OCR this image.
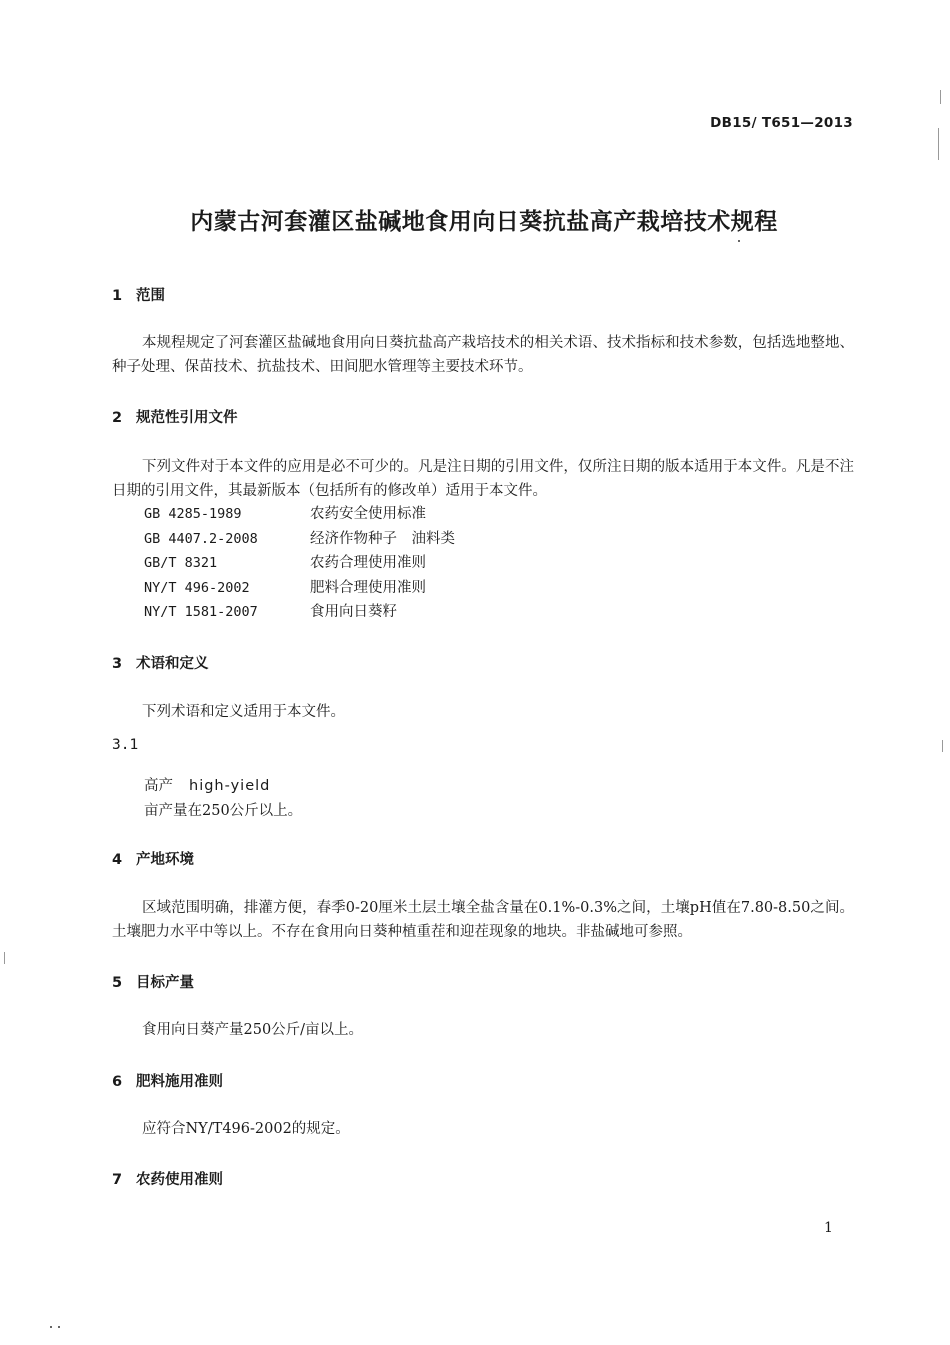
DB15/ T651—2013
内蒙古河套灌区盐碱地食用向日葵抗盐高产栽培技术规程
1 范围
本规程规定了河套灌区盐碱地食用向日葵抗盐高产栽培技术的相关术语、技术指标和技术参数，包括选地整地、种子处理、保苗技术、抗盐技术、田间肥水管理等主要技术环节。
2 规范性引用文件
下列文件对于本文件的应用是必不可少的。凡是注日期的引用文件，仅所注日期的版本适用于本文件。凡是不注日期的引用文件，其最新版本（包括所有的修改单）适用于本文件。
GB 4285-1989	农药安全使用标准
GB 4407.2-2008	经济作物种子　油料类
GB/T 8321	农药合理使用准则
NY/T 496-2002	肥料合理使用准则
NY/T 1581-2007	食用向日葵籽
3 术语和定义
下列术语和定义适用于本文件。
3.1
高产 high-yield
亩产量在250公斤以上。
4 产地环境
区域范围明确，排灌方便，春季0-20厘米土层土壤全盐含量在0.1%-0.3%之间，土壤pH值在7.80-8.50之间。土壤肥力水平中等以上。不存在食用向日葵种植重茬和迎茬现象的地块。非盐碱地可参照。
5 目标产量
食用向日葵产量250公斤/亩以上。
6 肥料施用准则
应符合NY/T496-2002的规定。
7 农药使用准则
1
